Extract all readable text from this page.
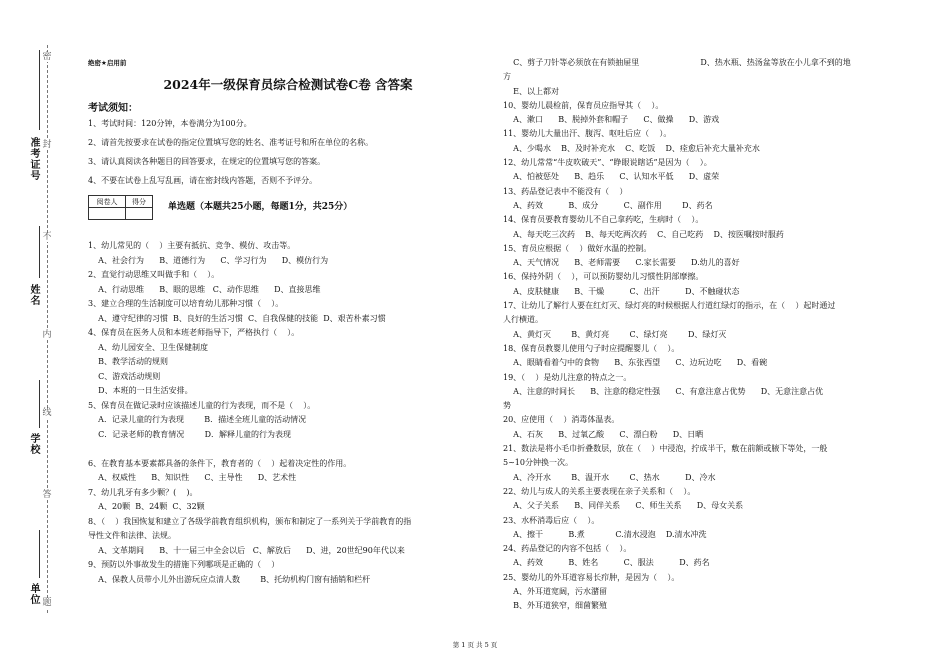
密
封
不
内
线
答
题
准考证号
姓名
学校
单位
绝密★启用前
2024年一级保育员综合检测试卷C卷 含答案
考试须知：

1、考试时间：120分钟，本卷满分为100分。

2、请首先按要求在试卷的指定位置填写您的姓名、准考证号和所在单位的名称。

3、请认真阅读各种题目的回答要求，在规定的位置填写您的答案。

4、不要在试卷上乱写乱画，请在密封线内答题，否则不予评分。

阅卷人	得分

单选题（本题共25小题，每题1分，共25分）

1、幼儿常见的（    ）主要有抵抗、竞争、模仿、攻击等。

A、社会行为      B、道德行为      C、学习行为      D、模仿行为

2、直觉行动思维又叫做手和（    ）。

A、行动思维      B、眼的思维   C、动作思维      D、直接思维

3、建立合理的生活制度可以培育幼儿那种习惯（    ）。

A、遵守纪律的习惯  B、良好的生活习惯  C、自我保健的技能  D、艰苦朴素习惯

4、保育员在医务人员和本班老师指导下，严格执行（    ）。

A、幼儿园安全、卫生保健制度

B、教学活动的规则

C、游戏活动规则

D、本班的一日生活安排。

5、保育员在做记录时应该描述儿童的行为表现，而不是（    ）。

A．记录儿童的行为表现        B．描述全班儿童的活动情况

C．记录老师的教育情况        D．解释儿童的行为表现

6、在教育基本要素都具备的条件下，教育者的（    ）起着决定性的作用。

A、权威性      B、知识性      C、主导性      D、艺术性

7、幼儿乳牙有多少颗？(    )。

A、20颗  B、24颗  C、32颗

8、（    ）我国恢复和建立了各级学前教育组织机构，颁布和制定了一系列关于学前教育的指

导性文件和法律、法规。

A、文革期间      B、十一届三中全会以后   C、解放后      D、进，20世纪90年代以来

9、预防以外事故发生的措施下列哪项是正确的（    ）

A、保教人员带小儿外出游玩应点清人数        B、托幼机构门窗有插销和栏杆

C、剪子刀针等必须放在有锁抽屉里                        D、热水瓶、热汤盆等放在小儿拿不到的地

方

E、以上都对

10、婴幼儿晨检前，保育员应指导其（    ）。

A、漱口      B、脱掉外套和帽子      C、做操      D、游戏

11、婴幼儿大量出汗、腹泻、呕吐后应（    ）。

A、少喝水    B、及时补充水    C、吃饭    D、痊愈后补充大量补充水

12、幼儿常常“牛皮吹破天”、“睁眼说瞎话”是因为（    ）。

A、怕被惩处      B、趋乐      C、认知水平低      D、虚荣

13、药品登记表中不能没有（    ）

A、药效          B、成分          C、副作用        D、药名

14、保育员要教育婴幼儿不自己拿药吃，生病时（    ）。

A、每天吃三次药    B、每天吃两次药    C、自己吃药    D、按医嘱按时服药

15、育员应根据（    ）做好水温的控制。

A、天气情况      B、老师需要      C.家长需要      D.幼儿的喜好

16、保持外阴（    ），可以预防婴幼儿习惯性阴部摩擦。

A、皮肤健康      B、干燥          C、出汗          D、不触碰状态

17、让幼儿了解行人要在红灯灭、绿灯亮的时候根据人行道红绿灯的指示，在（    ）起时通过

人行横道。

A、黄灯灭        B、黄灯亮        C、绿灯亮        D、绿灯灭

18、保育员教婴儿使用勺子时应提醒婴儿（    ）。

A、眼睛看着勺中的食物      B、东张西望      C、边玩边吃      D、看碗

19、（    ）是幼儿注意的特点之一。

A、注意的时间长      B、注意的稳定性强      C、有意注意占优势      D、无意注意占优

势

20、应使用（    ）消毒体温表。

A、石灰      B、过氧乙酸      C、漂白粉      D、日晒

21、数法是将小毛巾折叠数层，放在（    ）中浸泡，拧成半干，敷在前额或腋下等处，一般

5~10分钟换一次。

A、冷开水        B、温开水        C、热水          D、冷水

22、幼儿与成人的关系主要表现在亲子关系和（    ）。

A、父子关系      B、同伴关系      C、师生关系      D、母女关系

23、水杯消毒后应（    ）。

A、擦干          B.煮            C.清水浸泡    D.清水冲洗

24、药品登记的内容不包括（    ）。

A、药效          B、姓名          C、服法          D、药名

25、婴幼儿的外耳道容易长疖肿，是因为（    ）。

A、外耳道宽阔，污水潴留

B、外耳道狭窄，细菌繁殖

第 1 页 共 5 页
